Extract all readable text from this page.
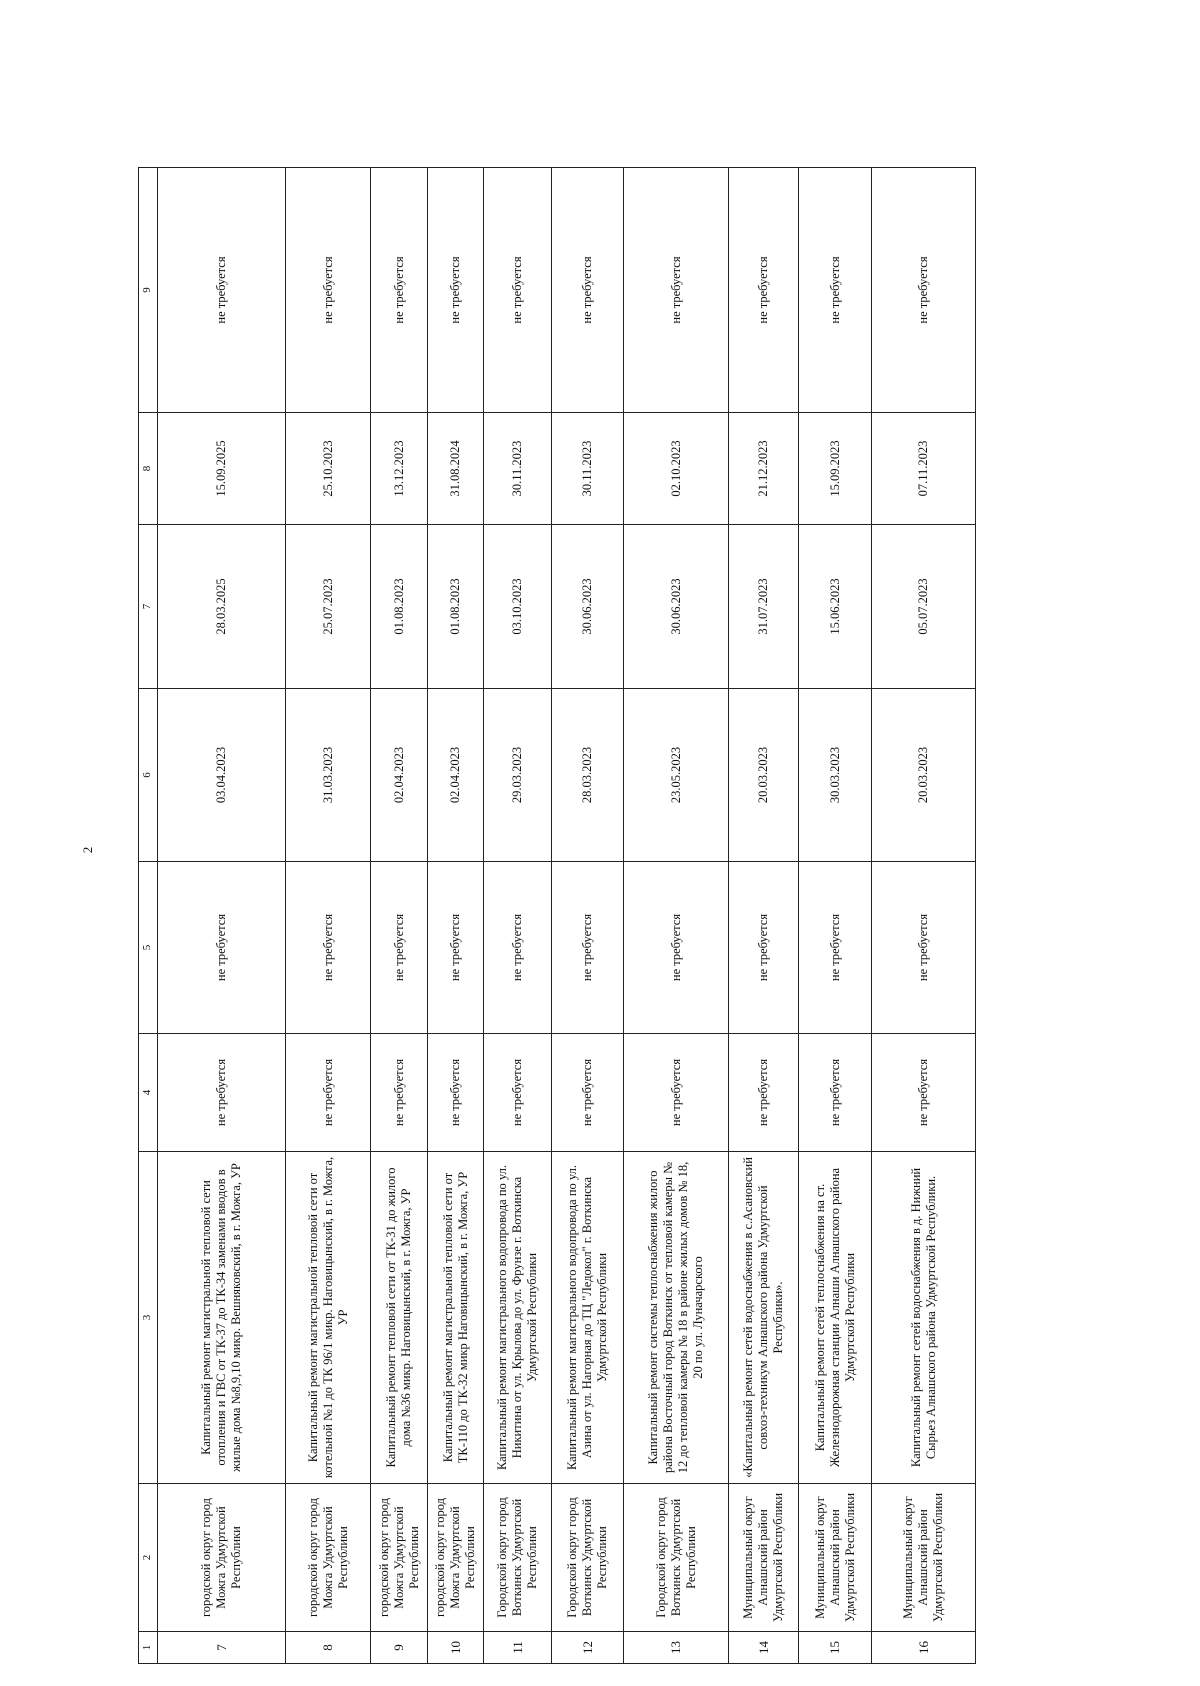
2
1	2	3	4	5	6	7	8	9
7	городской округ город Можга Удмуртской Республики	Капитальный ремонт магистральной тепловой сети отопления и ГВС от ТК-37 до ТК-34 заменами вводов в жилые дома №8,9,10 микр. Вешняковский, в г. Можга, УР	не требуется	не требуется	03.04.2023	28.03.2025	15.09.2025	не требуется
8	городской округ город Можга Удмуртской Республики	Капитальный ремонт магистральной тепловой сети от котельной №1 до ТК 96/1 микр. Наговицынский, в г. Можга, УР	не требуется	не требуется	31.03.2023	25.07.2023	25.10.2023	не требуется
9	городской округ город Можга Удмуртской Республики	Капитальный ремонт тепловой сети от ТК-31 до жилого дома №36 микр. Наговицынский, в г. Можга, УР	не требуется	не требуется	02.04.2023	01.08.2023	13.12.2023	не требуется
10	городской округ город Можга Удмуртской Республики	Капитальный ремонт магистральной тепловой сети от ТК-110 до ТК-32 микр Наговицынский, в г. Можга, УР	не требуется	не требуется	02.04.2023	01.08.2023	31.08.2024	не требуется
11	Городской округ город Воткинск Удмуртской Республики	Капитальный ремонт магистрального водопровода по ул. Никитина от ул. Крылова до ул. Фрунзе г. Воткинска Удмуртской Республики	не требуется	не требуется	29.03.2023	03.10.2023	30.11.2023	не требуется
12	Городской округ город Воткинск Удмуртской Республики	Капитальный ремонт магистрального водопровода по ул. Азина от ул. Нагорная до ТЦ "Ледокол" г. Воткинска Удмуртской Республики	не требуется	не требуется	28.03.2023	30.06.2023	30.11.2023	не требуется
13	Городской округ город Воткинск Удмуртской Республики	Капитальный ремонт системы теплоснабжения жилого района Восточный город Воткинск от тепловой камеры № 12 до тепловой камеры № 18 в районе жилых домов № 18, 20 по ул. Луначарского	не требуется	не требуется	23.05.2023	30.06.2023	02.10.2023	не требуется
14	Муниципальный округ Алнашский район Удмуртской Республики	«Капитальный ремонт сетей водоснабжения в с.Асановский совхоз-техникум Алнашского района Удмуртской Республики».	не требуется	не требуется	20.03.2023	31.07.2023	21.12.2023	не требуется
15	Муниципальный округ Алнашский район Удмуртской Республики	Капитальный ремонт сетей теплоснабжения на ст. Железнодорожная станции Алнаши Алнашского района Удмуртской Республики	не требуется	не требуется	30.03.2023	15.06.2023	15.09.2023	не требуется
16	Муниципальный округ Алнашский район Удмуртской Республики	Капитальный ремонт сетей водоснабжения в д. Нижний Сырьез Алнашского района Удмуртской Республики.	не требуется	не требуется	20.03.2023	05.07.2023	07.11.2023	не требуется
